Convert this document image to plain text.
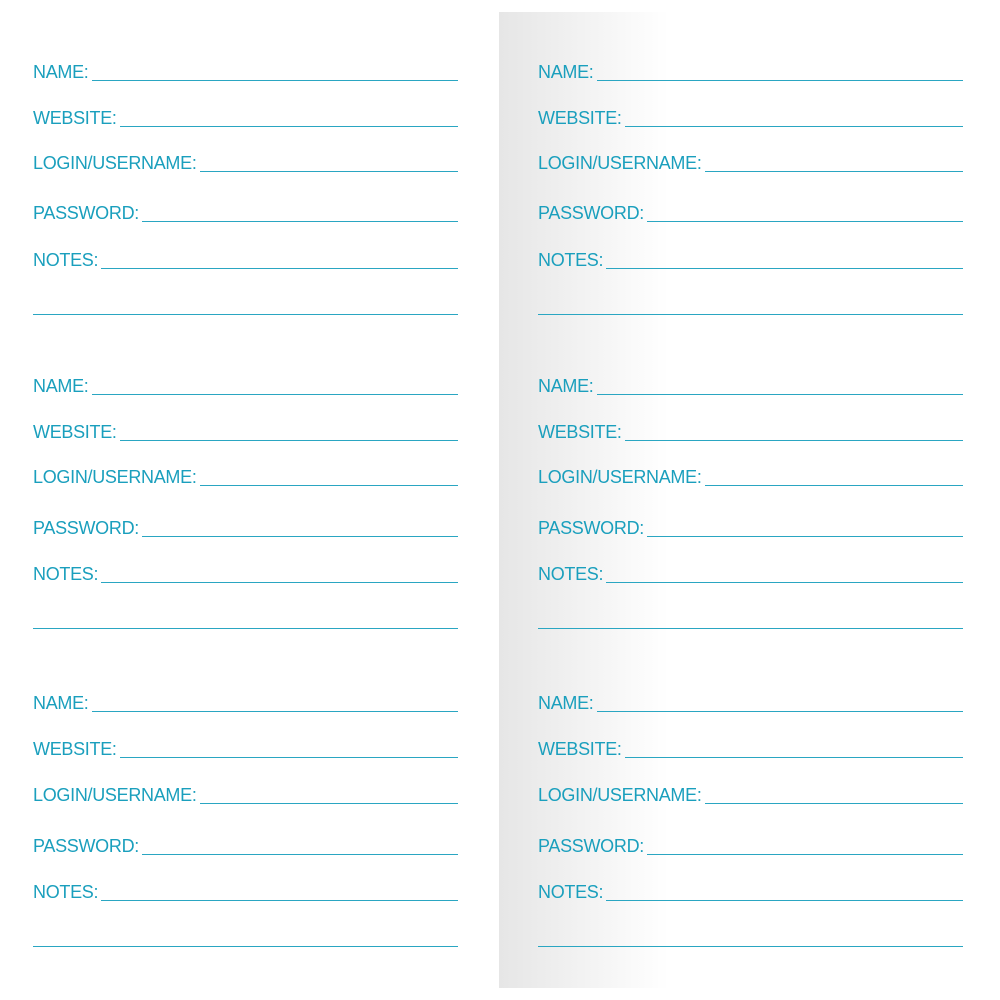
NAME:
WEBSITE:
LOGIN/USERNAME:
PASSWORD:
NOTES:
NAME:
WEBSITE:
LOGIN/USERNAME:
PASSWORD:
NOTES:
NAME:
WEBSITE:
LOGIN/USERNAME:
PASSWORD:
NOTES:
NAME:
WEBSITE:
LOGIN/USERNAME:
PASSWORD:
NOTES:
NAME:
WEBSITE:
LOGIN/USERNAME:
PASSWORD:
NOTES:
NAME:
WEBSITE:
LOGIN/USERNAME:
PASSWORD:
NOTES:
